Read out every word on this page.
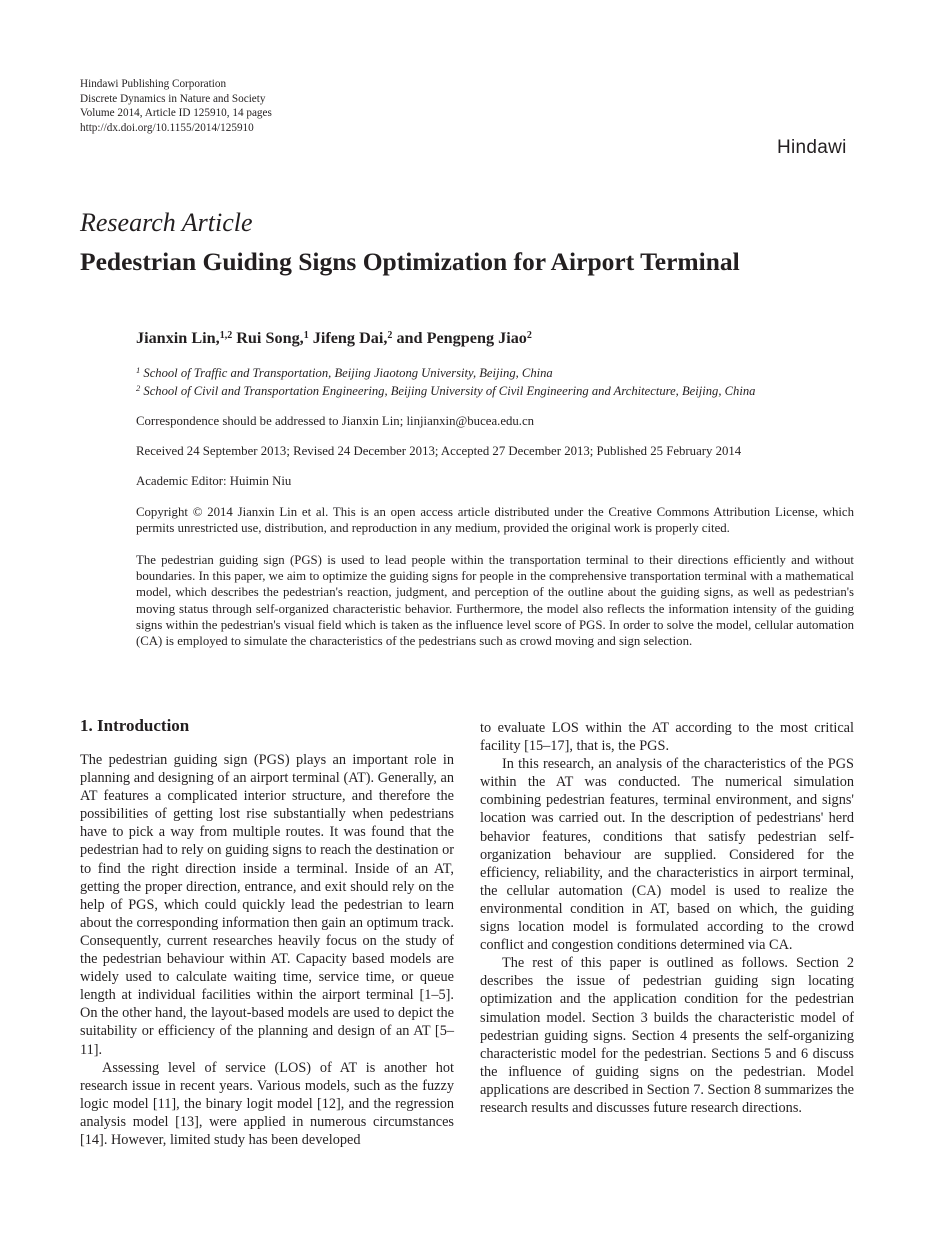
Hindawi Publishing Corporation
Discrete Dynamics in Nature and Society
Volume 2014, Article ID 125910, 14 pages
http://dx.doi.org/10.1155/2014/125910
Hindawi
Research Article
Pedestrian Guiding Signs Optimization for Airport Terminal
Jianxin Lin,$^{1,2}$ Rui Song,$^1$ Jifeng Dai,$^2$ and Pengpeng Jiao$^2$
$^1$ School of Traffic and Transportation, Beijing Jiaotong University, Beijing, China
$^2$ School of Civil and Transportation Engineering, Beijing University of Civil Engineering and Architecture, Beijing, China
Correspondence should be addressed to Jianxin Lin; linjianxin@bucea.edu.cn
Received 24 September 2013; Revised 24 December 2013; Accepted 27 December 2013; Published 25 February 2014
Academic Editor: Huimin Niu
Copyright © 2014 Jianxin Lin et al. This is an open access article distributed under the Creative Commons Attribution License, which permits unrestricted use, distribution, and reproduction in any medium, provided the original work is properly cited.
The pedestrian guiding sign (PGS) is used to lead people within the transportation terminal to their directions efficiently and without boundaries. In this paper, we aim to optimize the guiding signs for people in the comprehensive transportation terminal with a mathematical model, which describes the pedestrian's reaction, judgment, and perception of the outline about the guiding signs, as well as pedestrian's moving status through self-organized characteristic behavior. Furthermore, the model also reflects the information intensity of the guiding signs within the pedestrian's visual field which is taken as the influence level score of PGS. In order to solve the model, cellular automation (CA) is employed to simulate the characteristics of the pedestrians such as crowd moving and sign selection.
1. Introduction

The pedestrian guiding sign (PGS) plays an important role in planning and designing of an airport terminal (AT). Generally, an AT features a complicated interior structure, and therefore the possibilities of getting lost rise substantially when pedestrians have to pick a way from multiple routes. It was found that the pedestrian had to rely on guiding signs to reach the destination or to find the right direction inside a terminal. Inside of an AT, getting the proper direction, entrance, and exit should rely on the help of PGS, which could quickly lead the pedestrian to learn about the corresponding information then gain an optimum track. Consequently, current researches heavily focus on the study of the pedestrian behaviour within AT. Capacity based models are widely used to calculate waiting time, service time, or queue length at individual facilities within the airport terminal [1–5]. On the other hand, the layout-based models are used to depict the suitability or efficiency of the planning and design of an AT [5–11].

Assessing level of service (LOS) of AT is another hot research issue in recent years. Various models, such as the fuzzy logic model [11], the binary logit model [12], and the regression analysis model [13], were applied in numerous circumstances [14]. However, limited study has been developed

to evaluate LOS within the AT according to the most critical facility [15–17], that is, the PGS.

In this research, an analysis of the characteristics of the PGS within the AT was conducted. The numerical simulation combining pedestrian features, terminal environment, and signs' location was carried out. In the description of pedestrians' herd behavior features, conditions that satisfy pedestrian self-organization behaviour are supplied. Considered for the efficiency, reliability, and the characteristics in airport terminal, the cellular automation (CA) model is used to realize the environmental condition in AT, based on which, the guiding signs location model is formulated according to the crowd conflict and congestion conditions determined via CA.

The rest of this paper is outlined as follows. Section 2 describes the issue of pedestrian guiding sign locating optimization and the application condition for the pedestrian simulation model. Section 3 builds the characteristic model of pedestrian guiding signs. Section 4 presents the self-organizing characteristic model for the pedestrian. Sections 5 and 6 discuss the influence of guiding signs on the pedestrian. Model applications are described in Section 7. Section 8 summarizes the research results and discusses future research directions.
